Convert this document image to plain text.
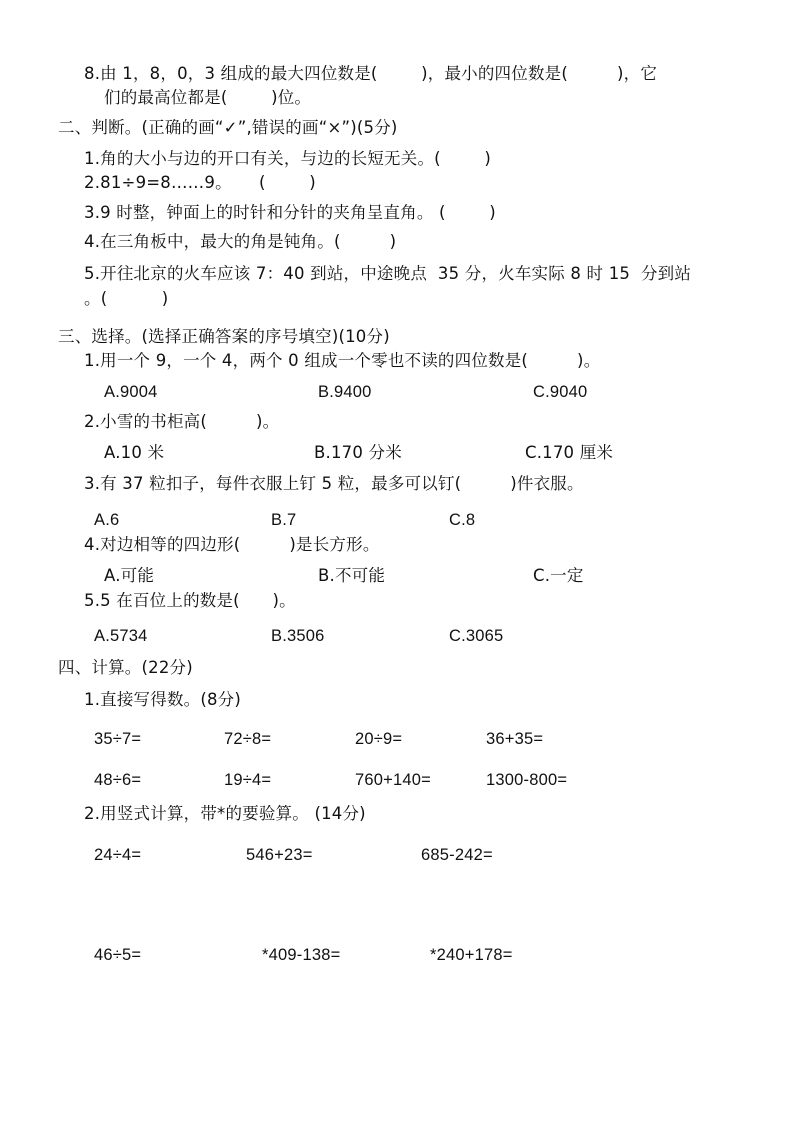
8.由 1，8，0，3 组成的最大四位数是(        )，最小的四位数是(         )，它
们的最高位都是(        )位。
二、判断。(正确的画“✓”,错误的画“×”)(5分)
1.角的大小与边的开口有关，与边的长短无关。(        )
2.81÷9=8……9。     (        )
3.9 时整，钟面上的时针和分针的夹角呈直角。 (        )
4.在三角板中，最大的角是钝角。(         )
5.开往北京的火车应该 7：40 到站，中途晚点  35 分，火车实际 8 时 15  分到站
。(          )
三、选择。(选择正确答案的序号填空)(10分)
1.用一个 9，一个 4，两个 0 组成一个零也不读的四位数是(         )。
A.9004	B.9400	C.9040
2.小雪的书柜高(         )。
A.10 米	B.170 分米	C.170 厘米
3.有 37 粒扣子，每件衣服上钉 5 粒，最多可以钉(         )件衣服。
A.6	B.7	C.8
4.对边相等的四边形(         )是长方形。
A.可能	B.不可能	C.一定
5.5 在百位上的数是(      )。
A.5734	B.3506	C.3065
四、计算。(22分)
1.直接写得数。(8分)
35÷7=	72÷8=	20÷9=	36+35=
48÷6=	19÷4=	760+140=	1300-800=
2.用竖式计算，带*的要验算。 (14分)
24÷4=	546+23=	685-242=
46÷5=	*409-138=	*240+178=
